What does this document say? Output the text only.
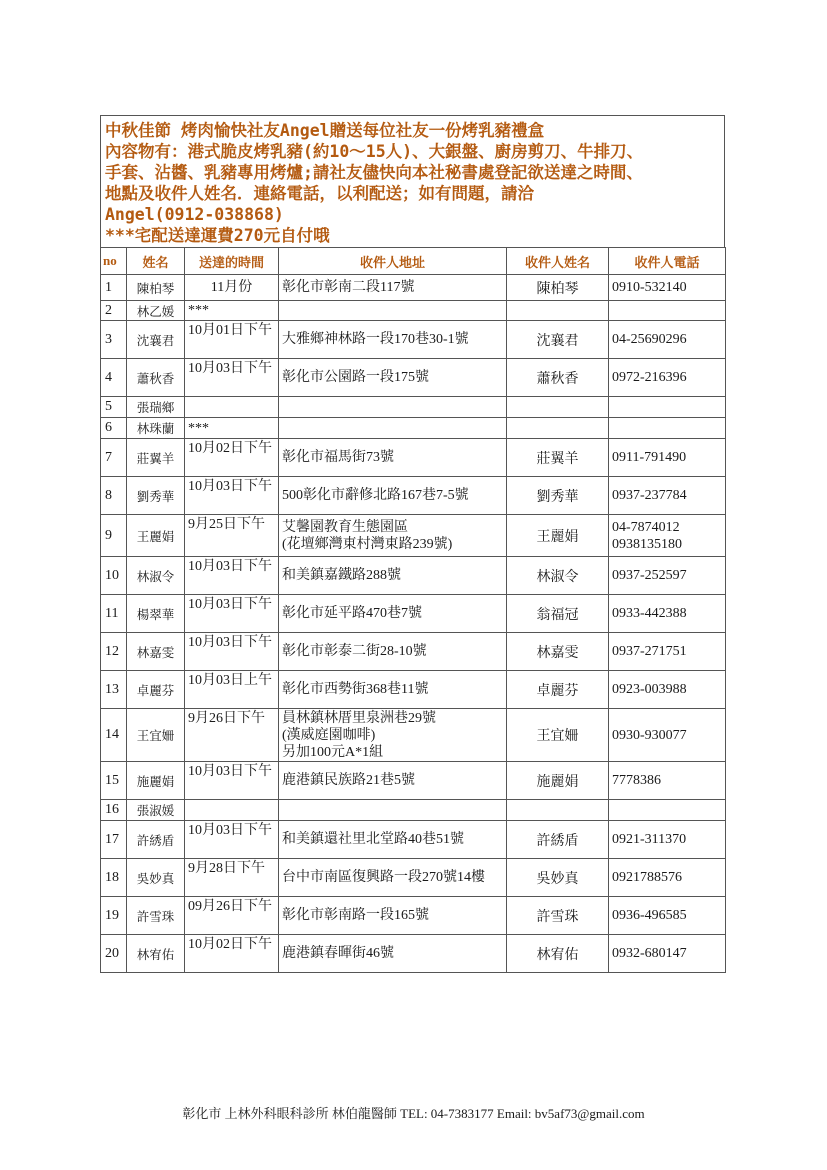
中秋佳節 烤肉愉快社友Angel贈送每位社友一份烤乳豬禮盒
內容物有：港式脆皮烤乳豬(約10～15人)、大銀盤、廚房剪刀、牛排刀、
手套、沾醬、乳豬專用烤爐;請社友儘快向本社秘書處登記欲送達之時間、
地點及收件人姓名．連絡電話，以利配送；如有問題，請洽
Angel(0912-038868)
***宅配送達運費270元自付哦
no	姓名	送達的時間	收件人地址	收件人姓名	收件人電話
1	陳柏琴	11月份	彰化市彰南二段117號	陳柏琴	0910-532140
2	林乙媛	***			
3	沈襄君	10月01日下午	大雅鄉神林路一段170巷30-1號	沈襄君	04-25690296
4	蕭秋香	10月03日下午	彰化市公園路一段175號	蕭秋香	0972-216396
5	張瑞鄉				
6	林珠蘭	***			
7	莊翼羊	10月02日下午	彰化市福馬街73號	莊翼羊	0911-791490
8	劉秀華	10月03日下午	500彰化市辭修北路167巷7-5號	劉秀華	0937-237784
9	王麗娟	9月25日下午	艾馨園教育生態園區
(花壇鄉灣東村灣東路239號)	王麗娟	04-7874012
0938135180
10	林淑令	10月03日下午	和美鎮嘉鐵路288號	林淑令	0937-252597
11	楊翠華	10月03日下午	彰化市延平路470巷7號	翁福冠	0933-442388
12	林嘉雯	10月03日下午	彰化市彰泰二街28-10號	林嘉雯	0937-271751
13	卓麗芬	10月03日上午	彰化市西勢街368巷11號	卓麗芬	0923-003988
14	王宜姍	9月26日下午	員林鎮林厝里泉洲巷29號
(漢威庭園咖啡)
另加100元A*1組	王宜姍	0930-930077
15	施麗娟	10月03日下午	鹿港鎮民族路21巷5號	施麗娟	7778386
16	張淑媛				
17	許綉盾	10月03日下午	和美鎮還社里北堂路40巷51號	許綉盾	0921-311370
18	吳妙真	9月28日下午	台中市南區復興路一段270號14樓	吳妙真	0921788576
19	許雪珠	09月26日下午	彰化市彰南路一段165號	許雪珠	0936-496585
20	林宥佑	10月02日下午	鹿港鎮春暉街46號	林宥佑	0932-680147
彰化市 上林外科眼科診所 林伯龍醫師 TEL: 04-7383177 Email: bv5af73@gmail.com
